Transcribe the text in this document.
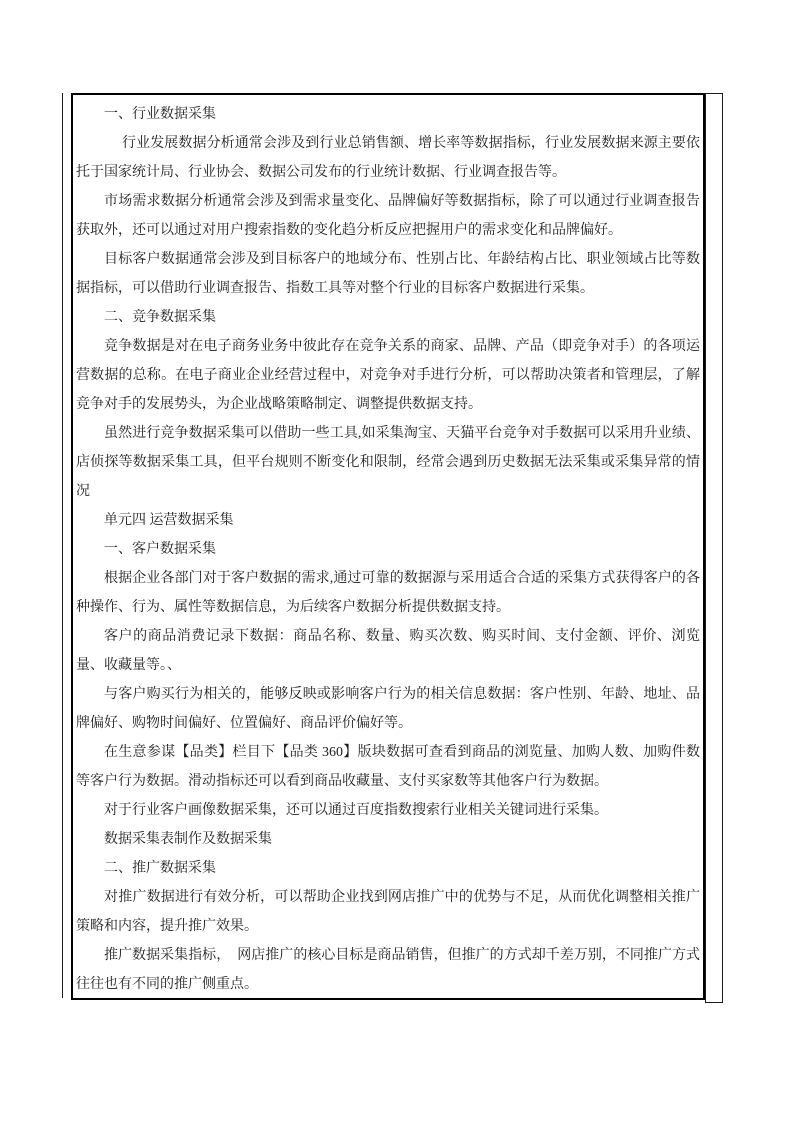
一、行业数据采集

行业发展数据分析通常会涉及到行业总销售额、增长率等数据指标，行业发展数据来源主要依托于国家统计局、行业协会、数据公司发布的行业统计数据、行业调查报告等。

市场需求数据分析通常会涉及到需求量变化、品牌偏好等数据指标，除了可以通过行业调查报告获取外，还可以通过对用户搜索指数的变化趋分析反应把握用户的需求变化和品牌偏好。

目标客户数据通常会涉及到目标客户的地域分布、性别占比、年龄结构占比、职业领域占比等数据指标，可以借助行业调查报告、指数工具等对整个行业的目标客户数据进行采集。

二、竞争数据采集

竞争数据是对在电子商务业务中彼此存在竞争关系的商家、品牌、产品（即竞争对手）的各项运营数据的总称。在电子商业企业经营过程中，对竞争对手进行分析，可以帮助决策者和管理层，了解竞争对手的发展势头，为企业战略策略制定、调整提供数据支持。

虽然进行竞争数据采集可以借助一些工具,如采集淘宝、天猫平台竞争对手数据可以采用升业绩、店侦探等数据采集工具，但平台规则不断变化和限制，经常会遇到历史数据无法采集或采集异常的情况

单元四 运营数据采集

一、客户数据采集

根据企业各部门对于客户数据的需求,通过可靠的数据源与采用适合合适的采集方式获得客户的各种操作、行为、属性等数据信息，为后续客户数据分析提供数据支持。

客户的商品消费记录下数据：商品名称、数量、购买次数、购买时间、支付金额、评价、浏览量、收藏量等。、

与客户购买行为相关的，能够反映或影响客户行为的相关信息数据：客户性别、年龄、地址、品牌偏好、购物时间偏好、位置偏好、商品评价偏好等。

在生意参谋【品类】栏目下【品类 360】版块数据可查看到商品的浏览量、加购人数、加购件数等客户行为数据。滑动指标还可以看到商品收藏量、支付买家数等其他客户行为数据。

对于行业客户画像数据采集，还可以通过百度指数搜索行业相关关键词进行采集。

数据采集表制作及数据采集

二、推广数据采集

对推广数据进行有效分析，可以帮助企业找到网店推广中的优势与不足，从而优化调整相关推广策略和内容，提升推广效果。

推广数据采集指标，　网店推广的核心目标是商品销售，但推广的方式却千差万别，不同推广方式往往也有不同的推广侧重点。
